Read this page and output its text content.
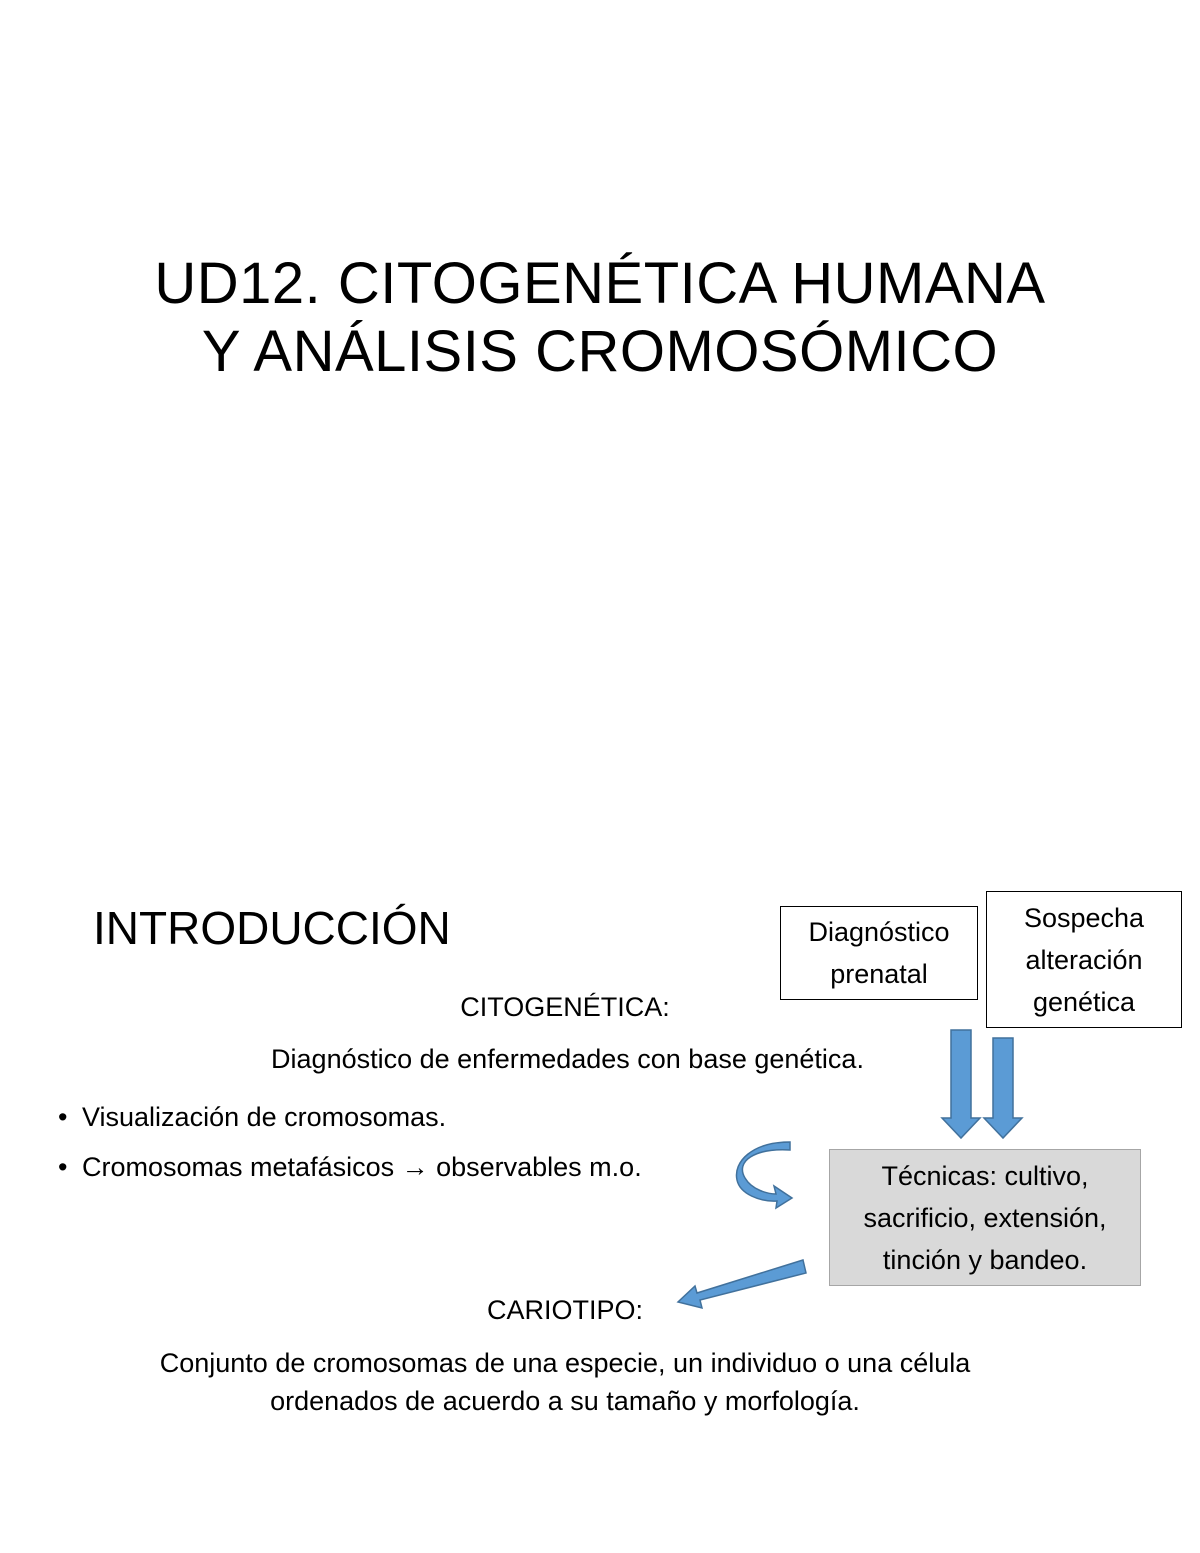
UD12. CITOGENÉTICA HUMANA
Y ANÁLISIS CROMOSÓMICO
INTRODUCCIÓN	Diagnóstico
prenatal
Sospecha
alteración
genética
CITOGENÉTICA:
Diagnóstico de enfermedades con base genética.
• Visualización de cromosomas.
• Cromosomas metafásicos → observables m.o.	Técnicas: cultivo,
sacrificio, extensión,
tinción y bandeo.
CARIOTIPO:
Conjunto de cromosomas de una especie, un individuo o una célula
ordenados de acuerdo a su tamaño y morfología.
